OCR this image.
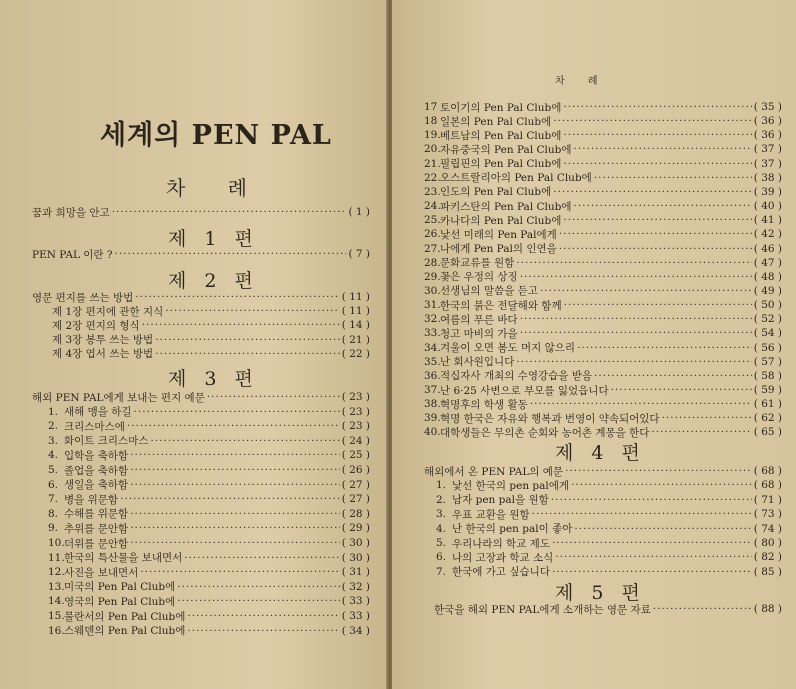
세계의 PEN PAL
차 례
꿈과 희망을 안고 ·····	( 1 )
제 1 편
PEN PAL 이란 ? ·····	( 7 )
제 2 편
영문 편지를 쓰는 방법 ·····	( 11 )
제 1장 편지에 관한 지식 ·····	( 11 )
제 2장 편지의 형식 ·····	( 14 )
제 3장 봉투 쓰는 방법 ·····	( 21 )
제 4장 엽서 쓰는 방법 ·····	( 22 )
제 3 편
해외 PEN PAL에게 보내는 편지 예문 ·····	( 23 )
1. 새해 맹을 하길 ·····	( 23 )
2. 크리스마스에 ·····	( 23 )
3. 화이트 크리스마스 ·····	( 24 )
4. 입학을 축하함 ·····	( 25 )
5. 졸업을 축하함 ·····	( 26 )
6. 생일을 축하함 ·····	( 27 )
7. 병을 위문함 ·····	( 27 )
8. 수해를 위문함 ·····	( 28 )
9. 추위를 문안함 ·····	( 29 )
10. 더위를 문안함 ·····	( 30 )
11. 한국의 특산물을 보내면서 ·····	( 30 )
12. 사진을 보내면서 ·····	( 31 )
13. 미국의 Pen Pal Club에 ·····	( 32 )
14. 영국의 Pen Pal Club에 ·····	( 33 )
15. 불란서의 Pen Pal Club에 ·····	( 33 )
16. 스웨덴의 Pen Pal Club에 ·····	( 34 )
17 토이기의 Pen Pal Club에 ·····	( 35 )
18 일본의 Pen Pal Club에 ·····	( 36 )
19. 베트남의 Pen Pal Club에 ·····	( 36 )
20. 자유중국의 Pen Pal Club에 ·····	( 37 )
21. 필립핀의 Pen Pal Club에 ·····	( 37 )
22. 오스트랄리아의 Pen Pal Club에 ·····	( 38 )
23. 인도의 Pen Pal Club에 ·····	( 39 )
24. 파키스탄의 Pen Pal Club에 ·····	( 40 )
25. 카나다의 Pen Pal Club에 ·····	( 41 )
26. 낯선 미래의 Pen Pal에게 ·····	( 42 )
27. 나에게 Pen Pal의 인연을 ·····	( 46 )
28. 문화교류를 원함 ·····	( 47 )
29. 꽃은 우정의 상징 ·····	( 48 )
30. 선생님의 말씀을 듣고 ·····	( 49 )
31. 한국의 붉은 전달해와 함께 ·····	( 50 )
32. 여름의 푸른 바다 ·····	( 52 )
33. 청고 마비의 가을 ·····	( 54 )
34. 겨울이 오면 봄도 머지 않으리 ·····	( 56 )
35. 난 회사원입니다 ·····	( 57 )
36. 적십자사 개최의 수영강습을 받음 ·····	( 58 )
37. 난 6·25 사변으로 부모를 잃었읍니다 ·····	( 59 )
38. 혁명후의 학생 활동 ·····	( 61 )
39. 혁명 한국은 자유와 행복과 번영이 약속되어있다 ·····	( 62 )
40. 대학생들은 무의촌 순회와 농어촌 계몽을 한다 ·····	( 65 )
제 4 편
해외에서 온 PEN PAL의 예문 ·····	( 68 )
1. 낯선 한국의 pen pal에게 ·····	( 68 )
2. 남자 pen pal을 원함 ·····	( 71 )
3. 우표 교환을 원함 ·····	( 73 )
4. 난 한국의 pen pal이 좋아 ·····	( 74 )
5. 우리나라의 학교 제도 ·····	( 80 )
6. 나의 고장과 학교 소식 ·····	( 82 )
7. 한국에 가고 싶습니다 ·····	( 85 )
제 5 편
한국을 해외 PEN PAL에게 소개하는 영문 자료 ·····	( 88 )
차 례
